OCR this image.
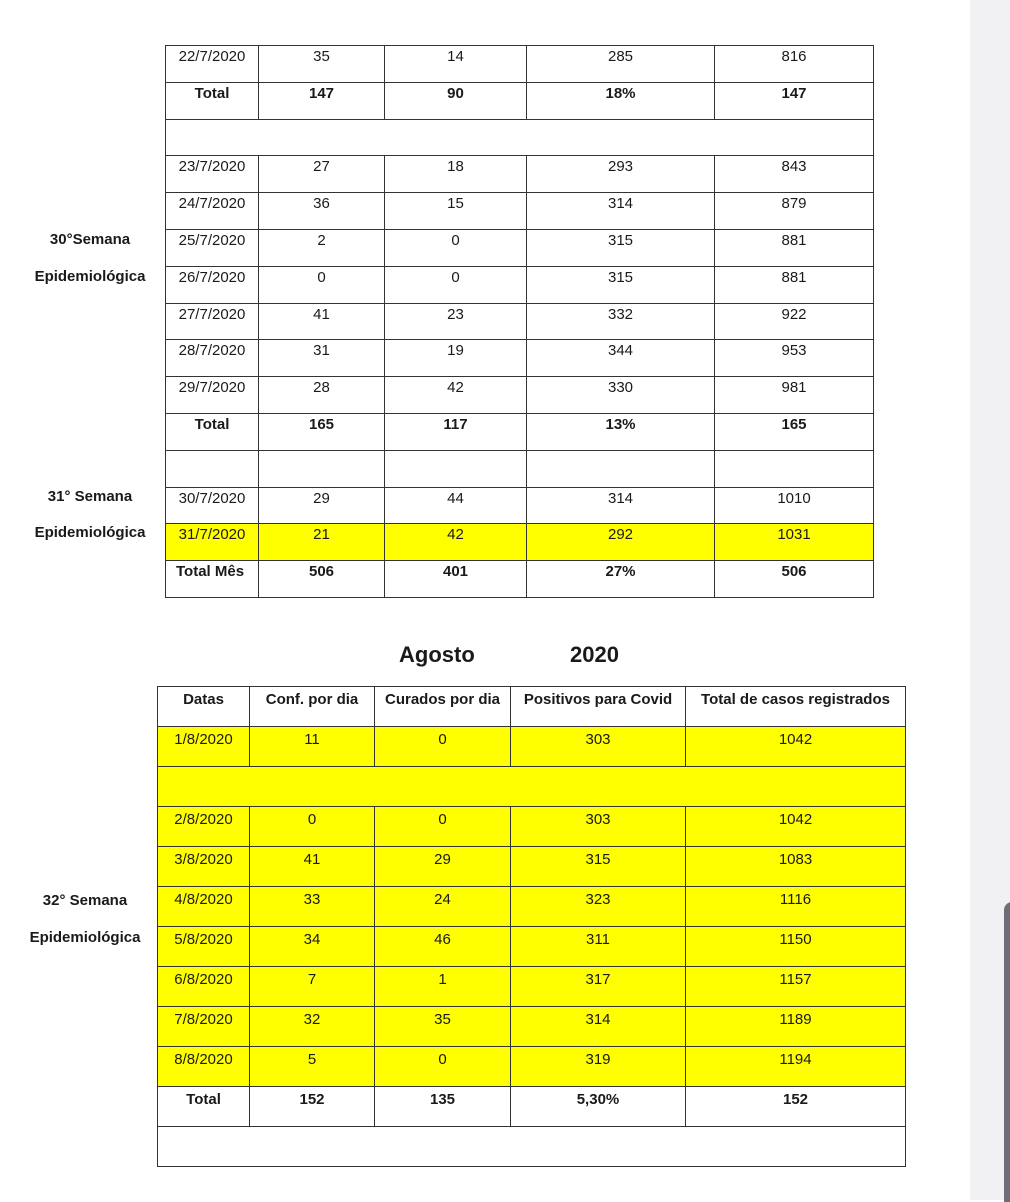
22/7/2020	35	14	285	816
Total	147	90	18%	147

23/7/2020	27	18	293	843
24/7/2020	36	15	314	879
25/7/2020	2	0	315	881
26/7/2020	0	0	315	881
27/7/2020	41	23	332	922
28/7/2020	31	19	344	953
29/7/2020	28	42	330	981
Total	165	117	13%	165

30/7/2020	29	44	314	1010
31/7/2020	21	42	292	1031
Total Mês	506	401	27%	506
30°Semana
Epidemiológica
31° Semana
Epidemiológica
Agosto	2020
Datas	Conf. por dia	Curados por dia	Positivos para Covid	Total de casos registrados
1/8/2020	11	0	303	1042

2/8/2020	0	0	303	1042
3/8/2020	41	29	315	1083
4/8/2020	33	24	323	1116
5/8/2020	34	46	311	1150
6/8/2020	7	1	317	1157
7/8/2020	32	35	314	1189
8/8/2020	5	0	319	1194
Total	152	135	5,30%	152

32° Semana
Epidemiológica
